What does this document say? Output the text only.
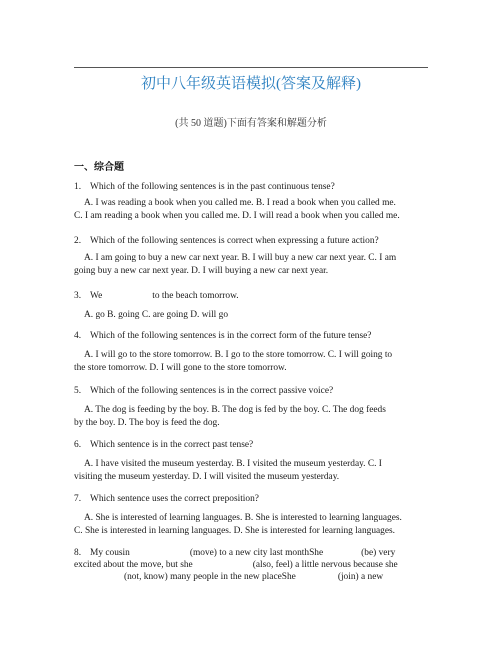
初中八年级英语模拟(答案及解释)
(共 50 道题)下面有答案和解题分析
一、综合题
1. Which of the following sentences is in the past continuous tense?
A. I was reading a book when you called me. B. I read a book when you called me.
C. I am reading a book when you called me. D. I will read a book when you called me.
2. Which of the following sentences is correct when expressing a future action?
A. I am going to buy a new car next year. B. I will buy a new car next year. C. I am
going buy a new car next year. D. I will buying a new car next year.
3. We	to the beach tomorrow.
A. go B. going C. are going D. will go
4. Which of the following sentences is in the correct form of the future tense?
A. I will go to the store tomorrow. B. I go to the store tomorrow. C. I will going to
the store tomorrow. D. I will gone to the store tomorrow.
5. Which of the following sentences is in the correct passive voice?
A. The dog is feeding by the boy. B. The dog is fed by the boy. C. The dog feeds
by the boy. D. The boy is feed the dog.
6. Which sentence is in the correct past tense?
A. I have visited the museum yesterday. B. I visited the museum yesterday. C. I
visiting the museum yesterday. D. I will visited the museum yesterday.
7. Which sentence uses the correct preposition?
A. She is interested of learning languages. B. She is interested to learning languages.
C. She is interested in learning languages. D. She is interested for learning languages.
8. My cousin	(move) to a new city last monthShe	(be) very
excited about the move, but she	(also, feel) a little nervous because she
(not, know) many people in the new placeShe	(join) a new
